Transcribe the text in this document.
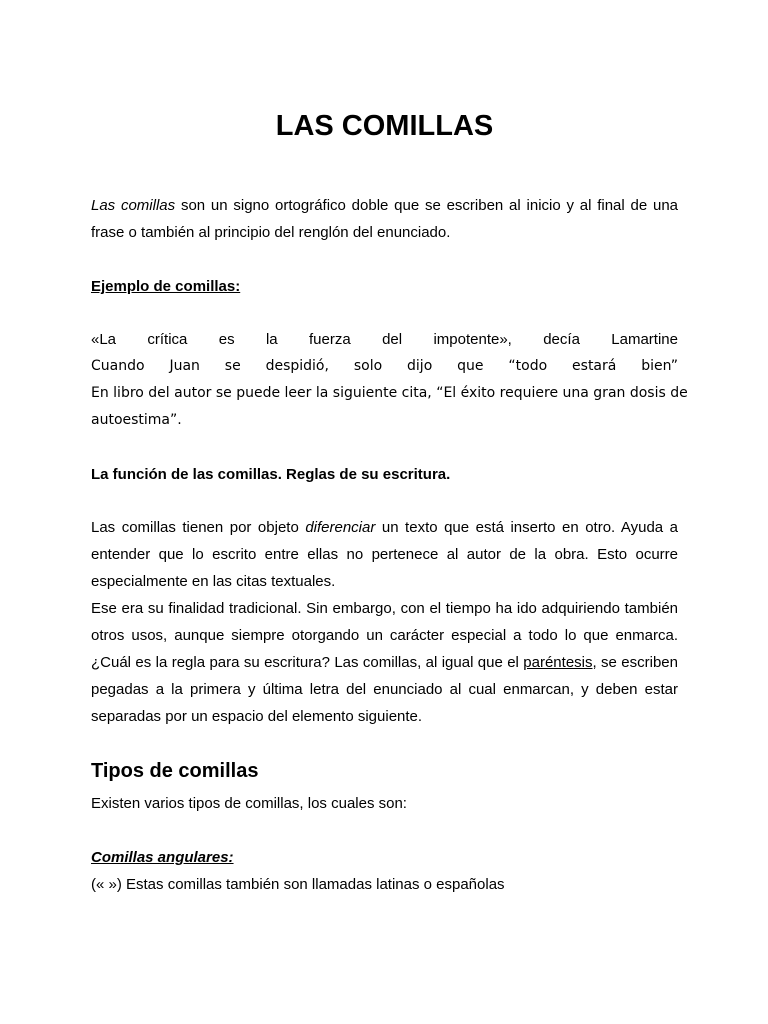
LAS COMILLAS
Las comillas son un signo ortográfico doble que se escriben al inicio y al final de una
frase o también al principio del renglón del enunciado.
Ejemplo de comillas:
«La crítica es la fuerza del impotente», decía Lamartine
Cuando Juan se despidió, solo dijo que “todo estará bien”
En libro del autor se puede leer la siguiente cita, “El éxito requiere una gran dosis de
autoestima”.
La función de las comillas. Reglas de su escritura.
Las comillas tienen por objeto diferenciar un texto que está inserto en otro. Ayuda a
entender que lo escrito entre ellas no pertenece al autor de la obra. Esto ocurre
especialmente en las citas textuales.
Ese era su finalidad tradicional. Sin embargo, con el tiempo ha ido adquiriendo también
otros usos, aunque siempre otorgando un carácter especial a todo lo que enmarca.
¿Cuál es la regla para su escritura? Las comillas, al igual que el paréntesis, se escriben
pegadas a la primera y última letra del enunciado al cual enmarcan, y deben estar
separadas por un espacio del elemento siguiente.
Tipos de comillas
Existen varios tipos de comillas, los cuales son:
Comillas angulares:
(« ») Estas comillas también son llamadas latinas o españolas
